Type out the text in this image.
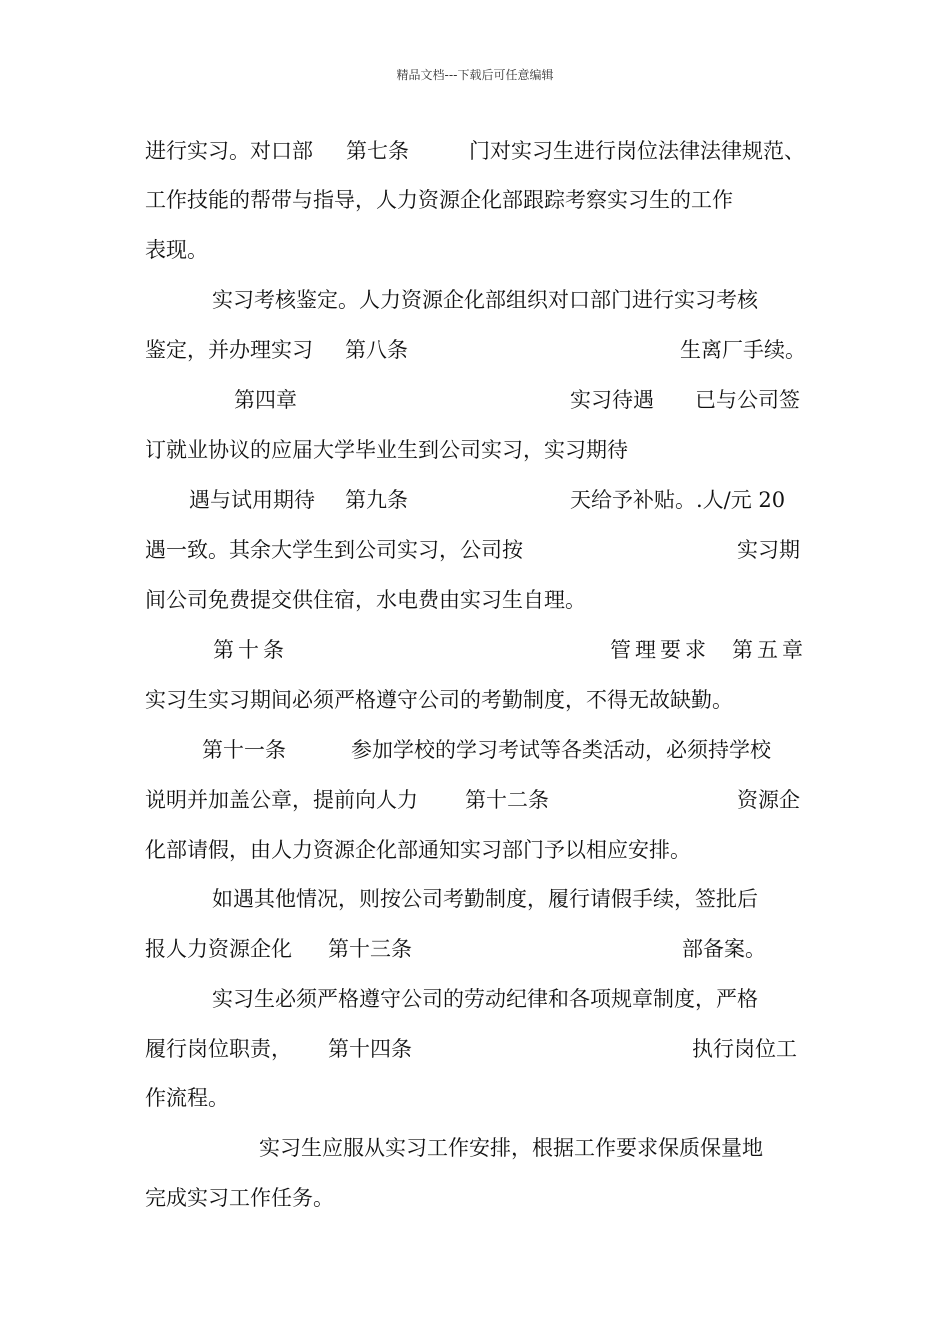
精品文档---下载后可任意编辑
进行实习。对口部 第七条	门对实习生进行岗位法律法律规范、
工作技能的帮带与指导，人力资源企化部跟踪考察实习生的工作
表现。
实习考核鉴定。人力资源企化部组织对口部门进行实习考核
鉴定，并办理实习 第八条	生离厂手续。
第四章	实习待遇 已与公司签
订就业协议的应届大学毕业生到公司实习，实习期待
遇与试用期待 第九条	天给予补贴。.人/元 20
遇一致。其余大学生到公司实习，公司按	实习期
间公司免费提交供住宿，水电费由实习生自理。
第十条	管理要求 第五章
实习生实习期间必须严格遵守公司的考勤制度，不得无故缺勤。
第十一条	参加学校的学习考试等各类活动，必须持学校
说明并加盖公章，提前向人力 第十二条	资源企
化部请假，由人力资源企化部通知实习部门予以相应安排。
如遇其他情况，则按公司考勤制度，履行请假手续，签批后
报人力资源企化 第十三条	部备案。
实习生必须严格遵守公司的劳动纪律和各项规章制度，严格
履行岗位职责， 第十四条	执行岗位工
作流程。
实习生应服从实习工作安排，根据工作要求保质保量地
完成实习工作任务。
